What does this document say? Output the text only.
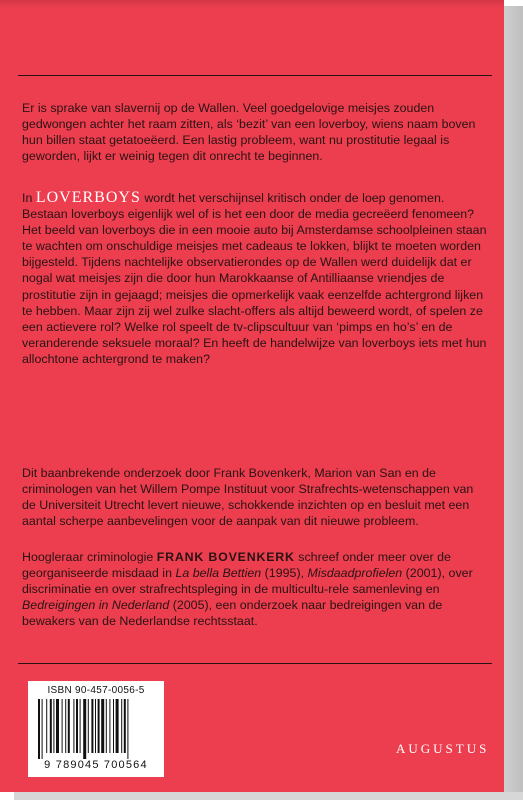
Er is sprake van slavernij op de Wallen. Veel goedgelovige meisjes zouden gedwongen achter het raam zitten, als ‘bezit’ van een loverboy, wiens naam boven hun billen staat getatoeëerd. Een lastig probleem, want nu prostitutie legaal is geworden, lijkt er weinig tegen dit onrecht te beginnen.

In LOVERBOYS wordt het verschijnsel kritisch onder de loep genomen. Bestaan loverboys eigenlijk wel of is het een door de media gecreëerd fenomeen? Het beeld van loverboys die in een mooie auto bij Amsterdamse schoolpleinen staan te wachten om onschuldige meisjes met cadeaus te lokken, blijkt te moeten worden bijgesteld. Tijdens nachtelijke observatierondes op de Wallen werd duidelijk dat er nogal wat meisjes zijn die door hun Marokkaanse of Antilliaanse vriendjes de prostitutie zijn in gejaagd; meisjes die opmerkelijk vaak eenzelfde achtergrond lijken te hebben. Maar zijn zij wel zulke slacht-offers als altijd beweerd wordt, of spelen ze een actievere rol? Welke rol speelt de tv-clipscultuur van ‘pimps en ho’s’ en de veranderende seksuele moraal? En heeft de handelwijze van loverboys iets met hun allochtone achtergrond te maken?

Dit baanbrekende onderzoek door Frank Bovenkerk, Marion van San en de criminologen van het Willem Pompe Instituut voor Strafrechts-wetenschappen van de Universiteit Utrecht levert nieuwe, schokkende inzichten op en besluit met een aantal scherpe aanbevelingen voor de aanpak van dit nieuwe probleem.

Hoogleraar criminologie FRANK BOVENKERK schreef onder meer over de georganiseerde misdaad in La bella Bettien (1995), Misdaadprofielen (2001), over discriminatie en over strafrechtspleging in de multicultu-rele samenleving en Bedreigingen in Nederland (2005), een onderzoek naar bedreigingen van de bewakers van de Nederlandse rechtsstaat.

ISBN 90-457-0056-5
9 789045 700564
AUGUSTUS
